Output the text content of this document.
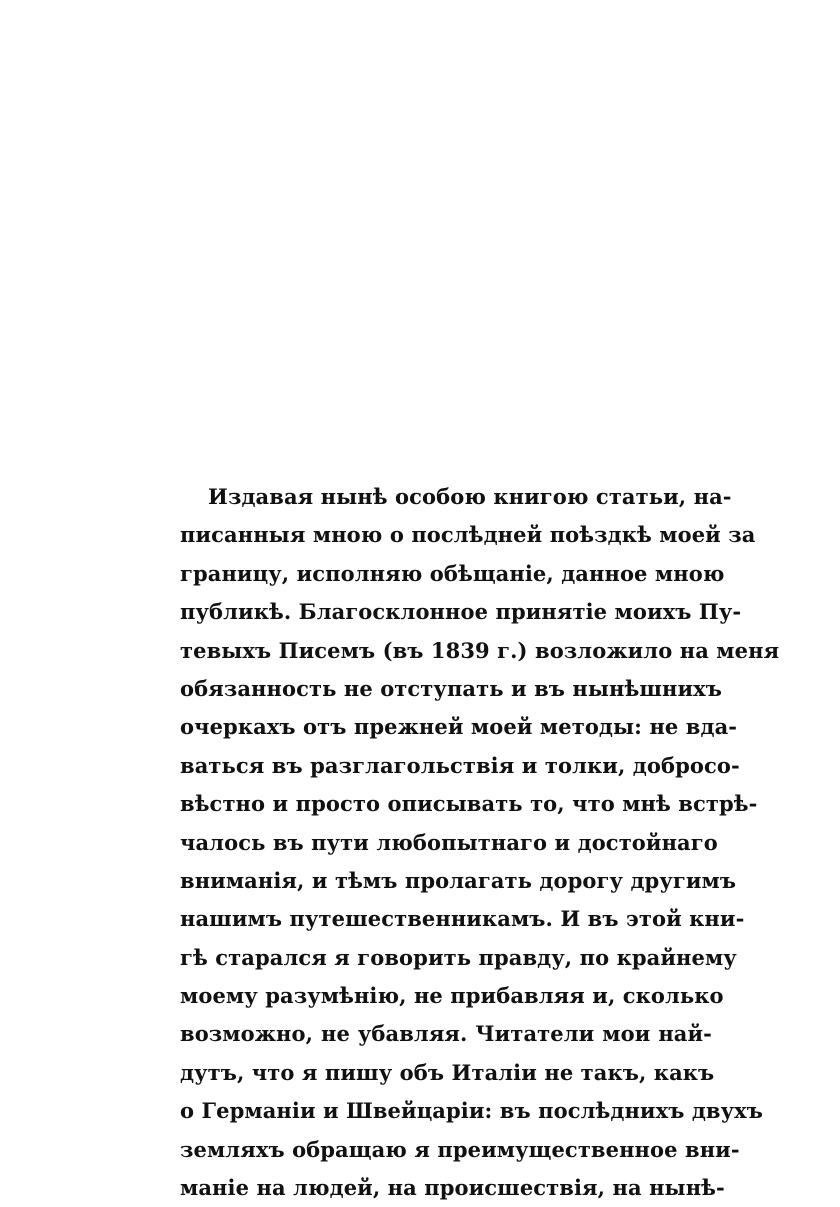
Издавая нынѣ особою книгою статьи, на-
писанныя мною о послѣдней поѣздкѣ моей за
границу, исполняю обѣщаніе, данное мною
публикѣ. Благосклонное принятіе моихъ Пу-
тевыхъ Писемъ (въ 1839 г.) возложило на меня
обязанность не отступать и въ нынѣшнихъ
очеркахъ отъ прежней моей методы: не вда-
ваться въ разглагольствія и толки, добросо-
вѣстно и просто описывать то, что мнѣ встрѣ-
чалось въ пути любопытнаго и достойнаго
вниманія, и тѣмъ пролагать дорогу другимъ
нашимъ путешественникамъ. И въ этой кни-
гѣ старался я говорить правду, по крайнему
моему разумѣнію, не прибавляя и, сколько
возможно, не убавляя. Читатели мои най-
дутъ, что я пишу объ Италіи не такъ, какъ
о Германіи и Швейцаріи: въ послѣднихъ двухъ
земляхъ обращаю я преимущественное вни-
маніе на людей, на происшествія, на нынѣ-
